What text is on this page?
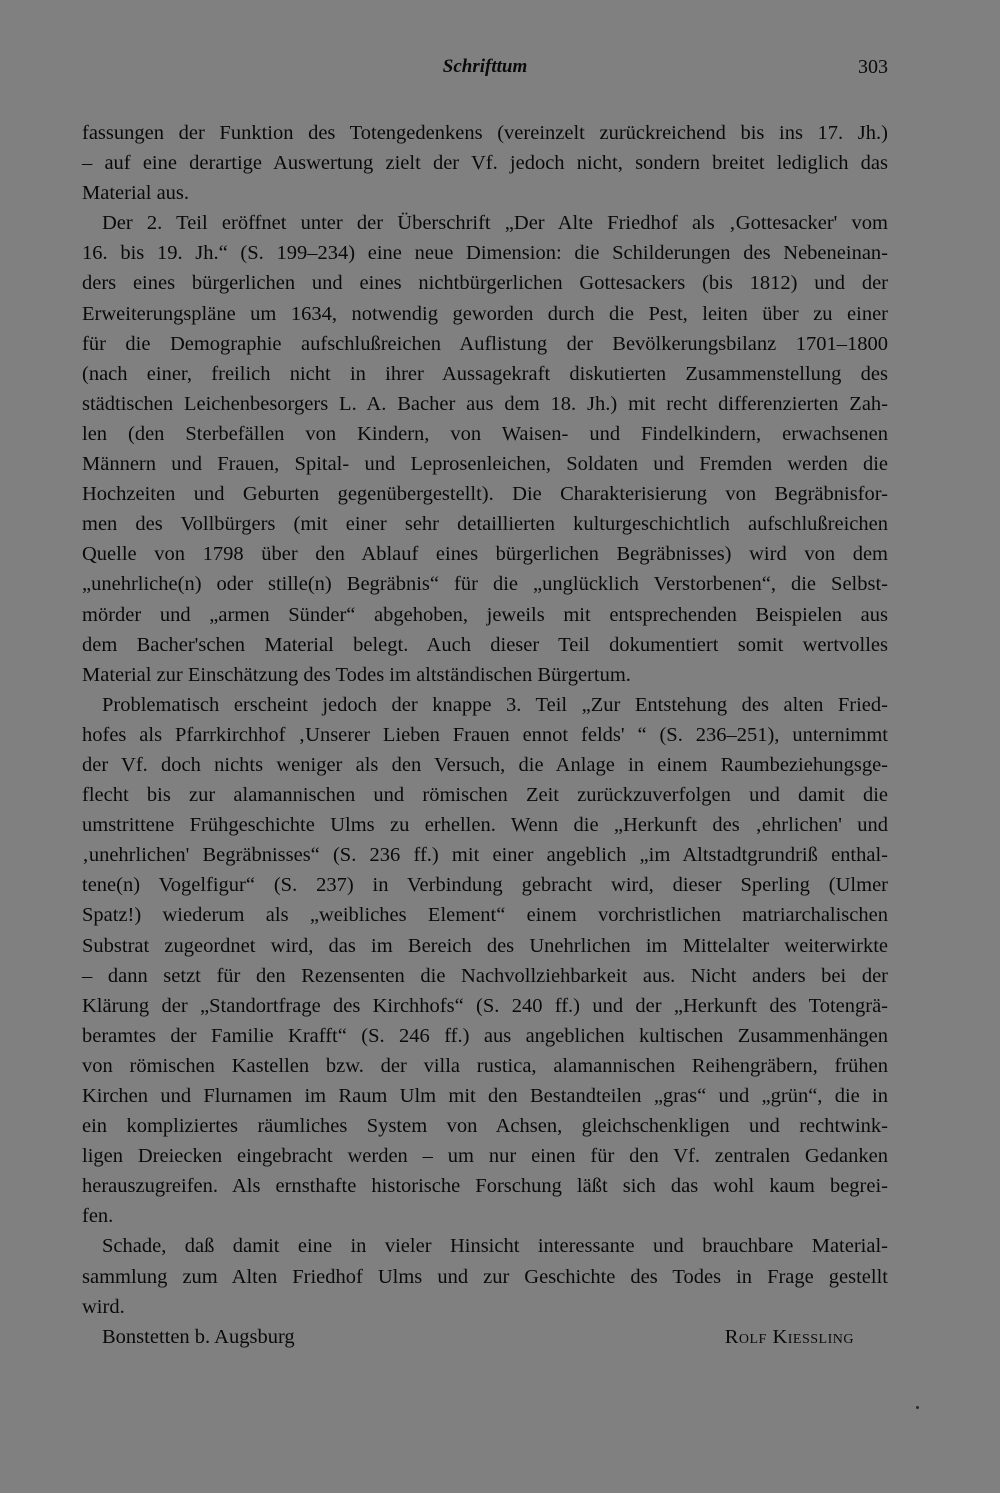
Schrifttum	303
fassungen der Funktion des Totengedenkens (vereinzelt zurückreichend bis ins 17. Jh.)
– auf eine derartige Auswertung zielt der Vf. jedoch nicht, sondern breitet lediglich das
Material aus.
Der 2. Teil eröffnet unter der Überschrift „Der Alte Friedhof als ‚Gottesacker' vom
16. bis 19. Jh.“ (S. 199–234) eine neue Dimension: die Schilderungen des Nebeneinan-
ders eines bürgerlichen und eines nichtbürgerlichen Gottesackers (bis 1812) und der
Erweiterungspläne um 1634, notwendig geworden durch die Pest, leiten über zu einer
für die Demographie aufschlußreichen Auflistung der Bevölkerungsbilanz 1701–1800
(nach einer, freilich nicht in ihrer Aussagekraft diskutierten Zusammenstellung des
städtischen Leichenbesorgers L. A. Bacher aus dem 18. Jh.) mit recht differenzierten Zah-
len (den Sterbefällen von Kindern, von Waisen- und Findelkindern, erwachsenen
Männern und Frauen, Spital- und Leprosenleichen, Soldaten und Fremden werden die
Hochzeiten und Geburten gegenübergestellt). Die Charakterisierung von Begräbnisfor-
men des Vollbürgers (mit einer sehr detaillierten kulturgeschichtlich aufschlußreichen
Quelle von 1798 über den Ablauf eines bürgerlichen Begräbnisses) wird von dem
„unehrliche(n) oder stille(n) Begräbnis“ für die „unglücklich Verstorbenen“, die Selbst-
mörder und „armen Sünder“ abgehoben, jeweils mit entsprechenden Beispielen aus
dem Bacher'schen Material belegt. Auch dieser Teil dokumentiert somit wertvolles
Material zur Einschätzung des Todes im altständischen Bürgertum.
Problematisch erscheint jedoch der knappe 3. Teil „Zur Entstehung des alten Fried-
hofes als Pfarrkirchhof ‚Unserer Lieben Frauen ennot felds' “ (S. 236–251), unternimmt
der Vf. doch nichts weniger als den Versuch, die Anlage in einem Raumbeziehungsge-
flecht bis zur alamannischen und römischen Zeit zurückzuverfolgen und damit die
umstrittene Frühgeschichte Ulms zu erhellen. Wenn die „Herkunft des ‚ehrlichen' und
‚unehrlichen' Begräbnisses“ (S. 236 ff.) mit einer angeblich „im Altstadtgrundriß enthal-
tene(n) Vogelfigur“ (S. 237) in Verbindung gebracht wird, dieser Sperling (Ulmer
Spatz!) wiederum als „weibliches Element“ einem vorchristlichen matriarchalischen
Substrat zugeordnet wird, das im Bereich des Unehrlichen im Mittelalter weiterwirkte
– dann setzt für den Rezensenten die Nachvollziehbarkeit aus. Nicht anders bei der
Klärung der „Standortfrage des Kirchhofs“ (S. 240 ff.) und der „Herkunft des Totengrä-
beramtes der Familie Krafft“ (S. 246 ff.) aus angeblichen kultischen Zusammenhängen
von römischen Kastellen bzw. der villa rustica, alamannischen Reihengräbern, frühen
Kirchen und Flurnamen im Raum Ulm mit den Bestandteilen „gras“ und „grün“, die in
ein kompliziertes räumliches System von Achsen, gleichschenkligen und rechtwink-
ligen Dreiecken eingebracht werden – um nur einen für den Vf. zentralen Gedanken
herauszugreifen. Als ernsthafte historische Forschung läßt sich das wohl kaum begrei-
fen.
Schade, daß damit eine in vieler Hinsicht interessante und brauchbare Material-
sammlung zum Alten Friedhof Ulms und zur Geschichte des Todes in Frage gestellt
wird.
Bonstetten b. Augsburg	Rolf Kiessling
